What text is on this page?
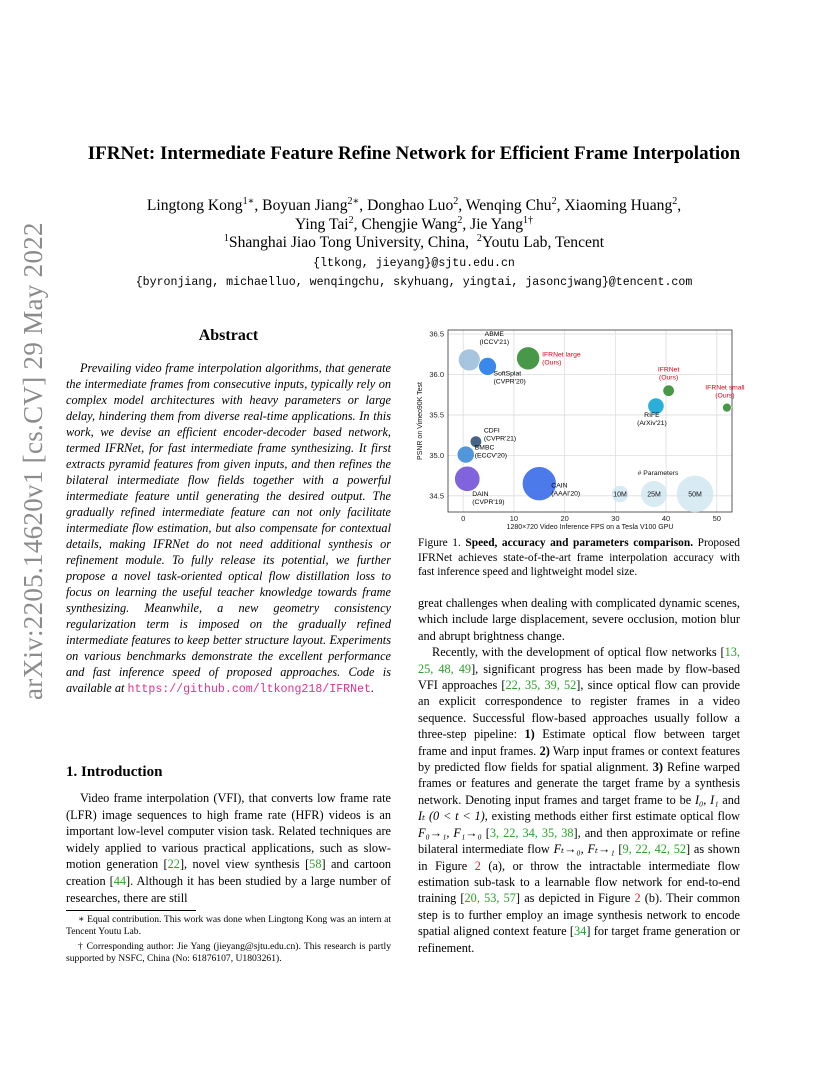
arXiv:2205.14620v1 [cs.CV] 29 May 2022
IFRNet: Intermediate Feature Refine Network for Efficient Frame Interpolation
Lingtong Kong$^{1∗}$, Boyuan Jiang$^{2∗}$, Donghao Luo$^2$, Wenqing Chu$^2$, Xiaoming Huang$^2$,
Ying Tai$^2$, Chengjie Wang$^2$, Jie Yang$^{1\dagger}$
$^1$Shanghai Jiao Tong University, China, $^2$Youtu Lab, Tencent
{ltkong, jieyang}@sjtu.edu.cn
{byronjiang, michaelluo, wenqingchu, skyhuang, yingtai, jasoncjwang}@tencent.com
Abstract
Prevailing video frame interpolation algorithms, that generate the intermediate frames from consecutive inputs, typically rely on complex model architectures with heavy parameters or large delay, hindering them from diverse real-time applications. In this work, we devise an efficient encoder-decoder based network, termed IFRNet, for fast intermediate frame synthesizing. It first extracts pyramid features from given inputs, and then refines the bilateral intermediate flow fields together with a powerful intermediate feature until generating the desired output. The gradually refined intermediate feature can not only facilitate intermediate flow estimation, but also compensate for contextual details, making IFRNet do not need additional synthesis or refinement module. To fully release its potential, we further propose a novel task-oriented optical flow distillation loss to focus on learning the useful teacher knowledge towards frame synthesizing. Meanwhile, a new geometry consistency regularization term is imposed on the gradually refined intermediate features to keep better structure layout. Experiments on various benchmarks demonstrate the excellent performance and fast inference speed of proposed approaches. Code is available at https://github.com/ltkong218/IFRNet.
1. Introduction
Video frame interpolation (VFI), that converts low frame rate (LFR) image sequences to high frame rate (HFR) videos is an important low-level computer vision task. Related techniques are widely applied to various practical applications, such as slow-motion generation [22], novel view synthesis [58] and cartoon creation [44]. Although it has been studied by a large number of researches, there are still

∗ Equal contribution. This work was done when Lingtong Kong was an intern at Tencent Youtu Lab.

† Corresponding author: Jie Yang (jieyang@sjtu.edu.cn). This research is partly supported by NSFC, China (No: 61876107, U1803261).

0	10	20	30	40	50
34.5
35.0
35.5
36.0
36.5
1280×720 Video Inference FPS on a Tesla V100 GPU
PSNR on Vimeo90K Test
ABME
(ICCV'21)
SoftSplat
(CVPR'20)
IFRNet large
(Ours)
IFRNet
(Ours)
IFRNet small
(Ours)
RIFE
(ArXiv'21)
CDFI
(CVPR'21)
BMBC
(ECCV'20)
DAIN
(CVPR'19)
CAIN
(AAAI'20)
# Parameters
10M	25M	50M
Figure 1. Speed, accuracy and parameters comparison. Proposed IFRNet achieves state-of-the-art frame interpolation accuracy with fast inference speed and lightweight model size.

great challenges when dealing with complicated dynamic scenes, which include large displacement, severe occlusion, motion blur and abrupt brightness change.

Recently, with the development of optical flow networks [13, 25, 48, 49], significant progress has been made by flow-based VFI approaches [22, 35, 39, 52], since optical flow can provide an explicit correspondence to register frames in a video sequence. Successful flow-based approaches usually follow a three-step pipeline: 1) Estimate optical flow between target frame and input frames. 2) Warp input frames or context features by predicted flow fields for spatial alignment. 3) Refine warped frames or features and generate the target frame by a synthesis network. Denoting input frames and target frame to be I₀, I₁ and Iₜ (0 < t < 1), existing methods either first estimate optical flow F₀→₁, F₁→₀ [3, 22, 34, 35, 38], and then approximate or refine bilateral intermediate flow Fₜ→₀, Fₜ→₁ [9, 22, 42, 52] as shown in Figure 2 (a), or throw the intractable intermediate flow estimation sub-task to a learnable flow network for end-to-end training [20, 53, 57] as depicted in Figure 2 (b). Their common step is to further employ an image synthesis network to encode spatial aligned context feature [34] for target frame generation or refinement.
